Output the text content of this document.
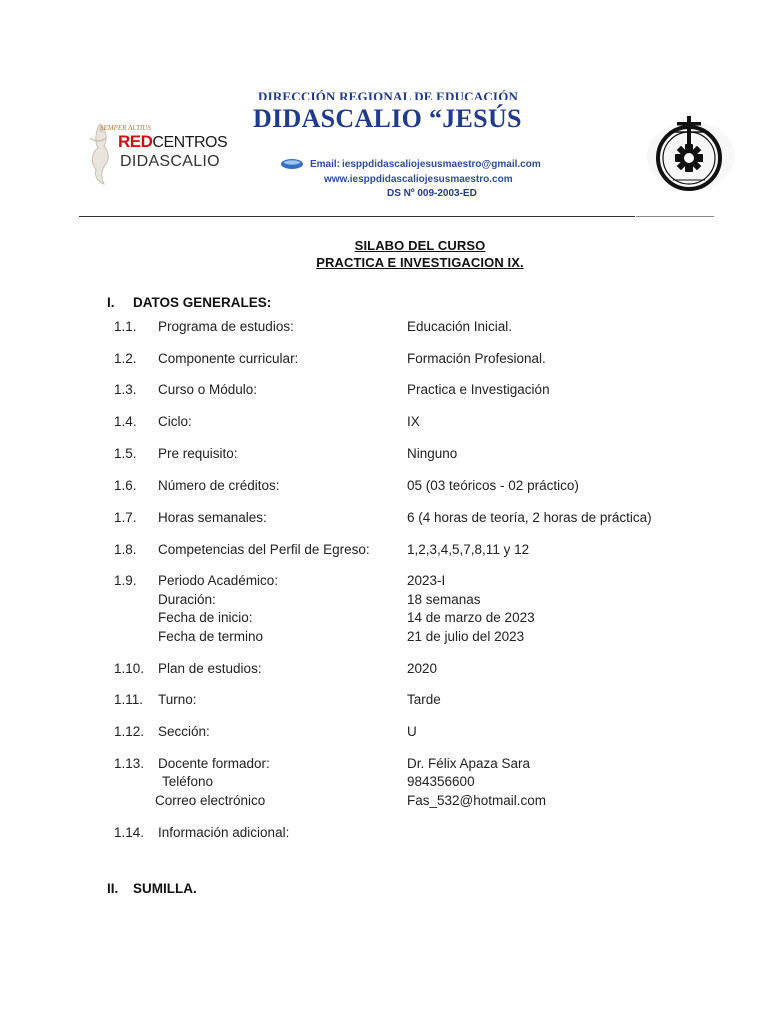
DIRECCIÓN REGIONAL DE EDUCACIÓN
DIDASCALIO “JESÚS
SEMPER ALTIUS
REDCENTROS
DIDASCALIO	Email: iesppdidascaliojesusmaestro@gmail.com
www.iesppdidascaliojesusmaestro.com
DS Nº 009-2003-ED
SILABO DEL CURSO
PRACTICA E INVESTIGACION IX.
I. DATOS GENERALES:
1.1. Programa de estudios:	Educación Inicial.
1.2. Componente curricular:	Formación Profesional.
1.3. Curso o Módulo:	Practica e Investigación
1.4. Ciclo:	IX
1.5. Pre requisito:	Ninguno
1.6. Número de créditos:	05 (03 teóricos - 02 práctico)
1.7. Horas semanales:	6 (4 horas de teoría, 2 horas de práctica)
1.8. Competencias del Perfil de Egreso:	1,2,3,4,5,7,8,11 y 12
1.9. Periodo Académico:	2023-I
Duración:	18 semanas
Fecha de inicio:	14 de marzo de 2023
Fecha de termino	21 de julio del 2023
1.10. Plan de estudios:	2020
1.11. Turno:	Tarde
1.12. Sección:	U
1.13. Docente formador:	Dr. Félix Apaza Sara
Teléfono	984356600
Correo electrónico	Fas_532@hotmail.com
1.14. Información adicional:
II. SUMILLA.
